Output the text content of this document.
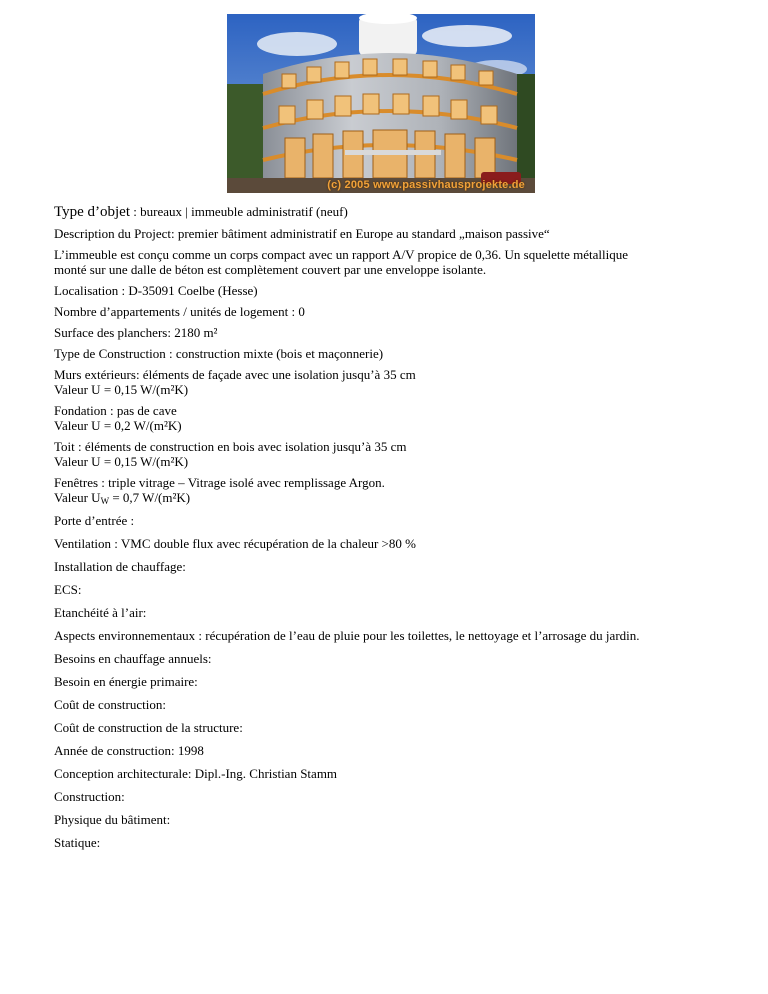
(c) 2005 www.passivhausprojekte.de

Type d’objet : bureaux | immeuble administratif (neuf)

Description du Project: premier bâtiment administratif en Europe au standard „maison passive“

L’immeuble est conçu comme un corps compact avec un rapport A/V propice de 0,36. Un squelette métallique
monté sur une dalle de béton est complètement couvert par une enveloppe isolante.

Localisation : D-35091 Coelbe (Hesse)

Nombre d’appartements / unités de logement : 0

Surface des planchers: 2180 m²

Type de Construction : construction mixte (bois et maçonnerie)

Murs extérieurs: éléments de façade avec une isolation jusqu’à 35 cm
Valeur U = 0,15 W/(m²K)

Fondation : pas de cave
Valeur U = 0,2 W/(m²K)

Toit : éléments de construction en bois avec isolation jusqu’à 35 cm
Valeur U = 0,15 W/(m²K)

Fenêtres : triple vitrage – Vitrage isolé avec remplissage Argon.
Valeur $U_W = 0,7$ W/(m²K)

Porte d’entrée :

Ventilation : VMC double flux avec récupération de la chaleur >80 %

Installation de chauffage:

ECS:

Etanchéité à l’air:

Aspects environnementaux : récupération de l’eau de pluie pour les toilettes, le nettoyage et l’arrosage du jardin.

Besoins en chauffage annuels:

Besoin en énergie primaire:

Coût de construction:

Coût de construction de la structure:

Année de construction: 1998

Conception architecturale: Dipl.-Ing. Christian Stamm

Construction:

Physique du bâtiment:

Statique:
